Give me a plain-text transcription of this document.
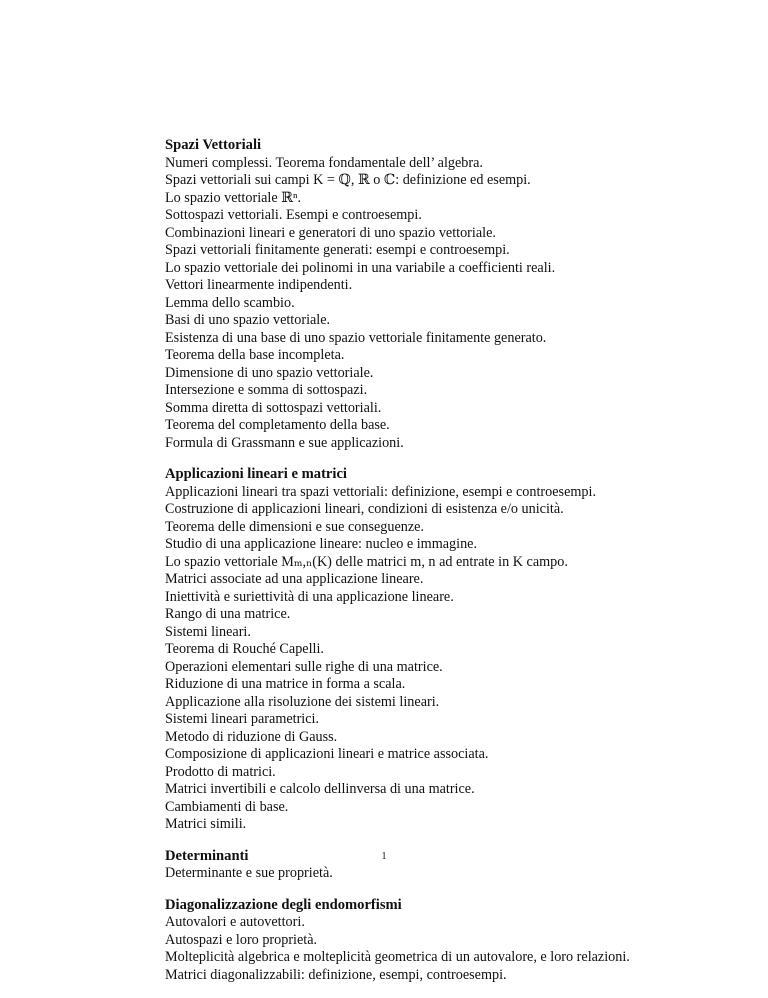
Spazi Vettoriali
Numeri complessi. Teorema fondamentale dell’ algebra.
Spazi vettoriali sui campi K = ℚ, ℝ o ℂ: definizione ed esempi.
Lo spazio vettoriale ℝⁿ.
Sottospazi vettoriali. Esempi e controesempi.
Combinazioni lineari e generatori di uno spazio vettoriale.
Spazi vettoriali finitamente generati: esempi e controesempi.
Lo spazio vettoriale dei polinomi in una variabile a coefficienti reali.
Vettori linearmente indipendenti.
Lemma dello scambio.
Basi di uno spazio vettoriale.
Esistenza di una base di uno spazio vettoriale finitamente generato.
Teorema della base incompleta.
Dimensione di uno spazio vettoriale.
Intersezione e somma di sottospazi.
Somma diretta di sottospazi vettoriali.
Teorema del completamento della base.
Formula di Grassmann e sue applicazioni.
Applicazioni lineari e matrici
Applicazioni lineari tra spazi vettoriali: definizione, esempi e controesempi.
Costruzione di applicazioni lineari, condizioni di esistenza e/o unicità.
Teorema delle dimensioni e sue conseguenze.
Studio di una applicazione lineare: nucleo e immagine.
Lo spazio vettoriale Mₘ,ₙ(K) delle matrici m, n ad entrate in K campo.
Matrici associate ad una applicazione lineare.
Iniettività e suriettività di una applicazione lineare.
Rango di una matrice.
Sistemi lineari.
Teorema di Rouché Capelli.
Operazioni elementari sulle righe di una matrice.
Riduzione di una matrice in forma a scala.
Applicazione alla risoluzione dei sistemi lineari.
Sistemi lineari parametrici.
Metodo di riduzione di Gauss.
Composizione di applicazioni lineari e matrice associata.
Prodotto di matrici.
Matrici invertibili e calcolo dellinversa di una matrice.
Cambiamenti di base.
Matrici simili.
Determinanti
Determinante e sue proprietà.
Diagonalizzazione degli endomorfismi
Autovalori e autovettori.
Autospazi e loro proprietà.
Molteplicità algebrica e molteplicità geometrica di un autovalore, e loro relazioni.
Matrici diagonalizzabili: definizione, esempi, controesempi.
1
